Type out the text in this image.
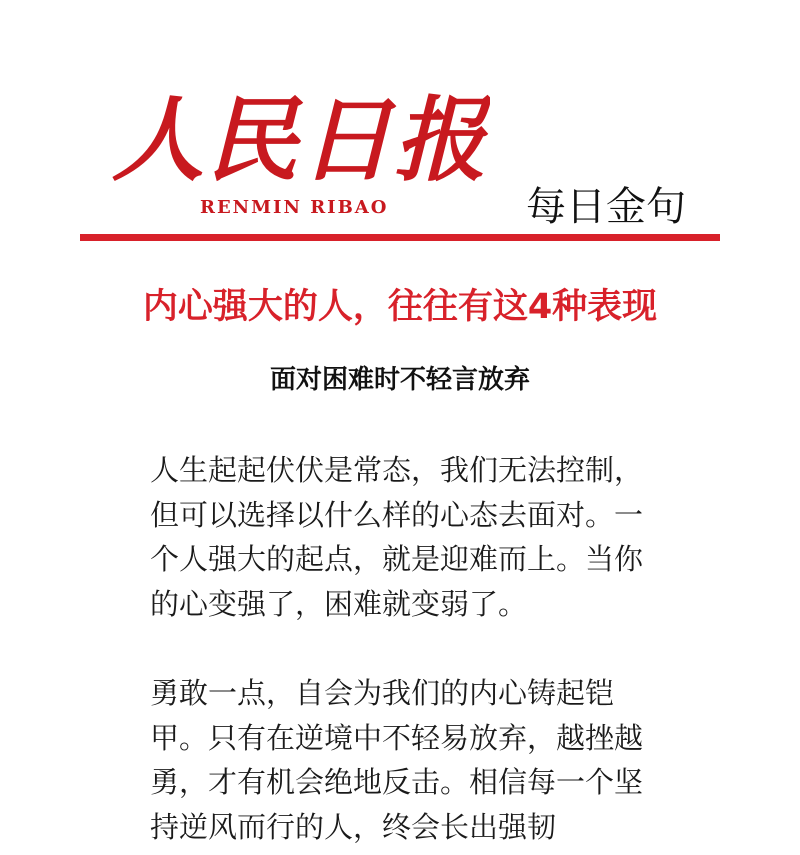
人民日报
RENMIN RIBAO	每日金句
内心强大的人，往往有这4种表现
面对困难时不轻言放弃

人生起起伏伏是常态，我们无法控制，但可以选择以什么样的心态去面对。一个人强大的起点，就是迎难而上。当你的心变强了，困难就变弱了。

勇敢一点，自会为我们的内心铸起铠甲。只有在逆境中不轻易放弃，越挫越勇，才有机会绝地反击。相信每一个坚持逆风而行的人，终会长出强韧
